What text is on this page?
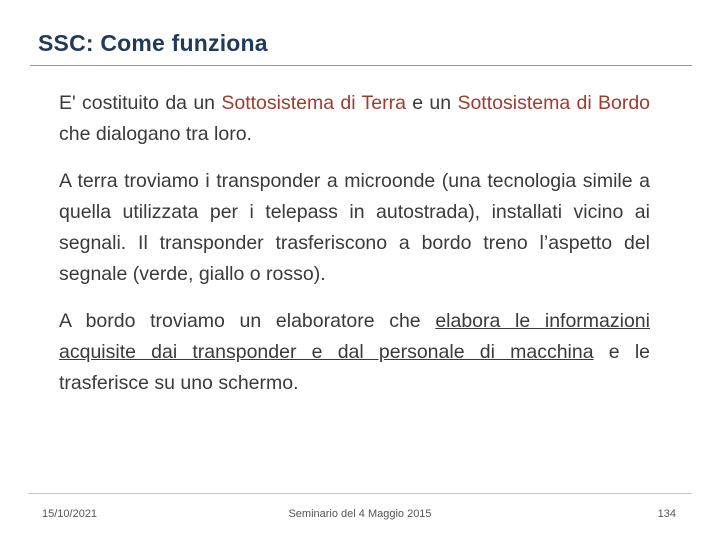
SSC: Come funziona

E' costituito da un Sottosistema di Terra e un Sottosistema di Bordo che dialogano tra loro.

A terra troviamo i transponder a microonde (una tecnologia simile a quella utilizzata per i telepass in autostrada), installati vicino ai segnali. Il transponder trasferiscono a bordo treno l’aspetto del segnale (verde, giallo o rosso).

A bordo troviamo un elaboratore che elabora le informazioni acquisite dai transponder e dal personale di macchina e le trasferisce su uno schermo.

15/10/2021	Seminario del 4 Maggio 2015	134
